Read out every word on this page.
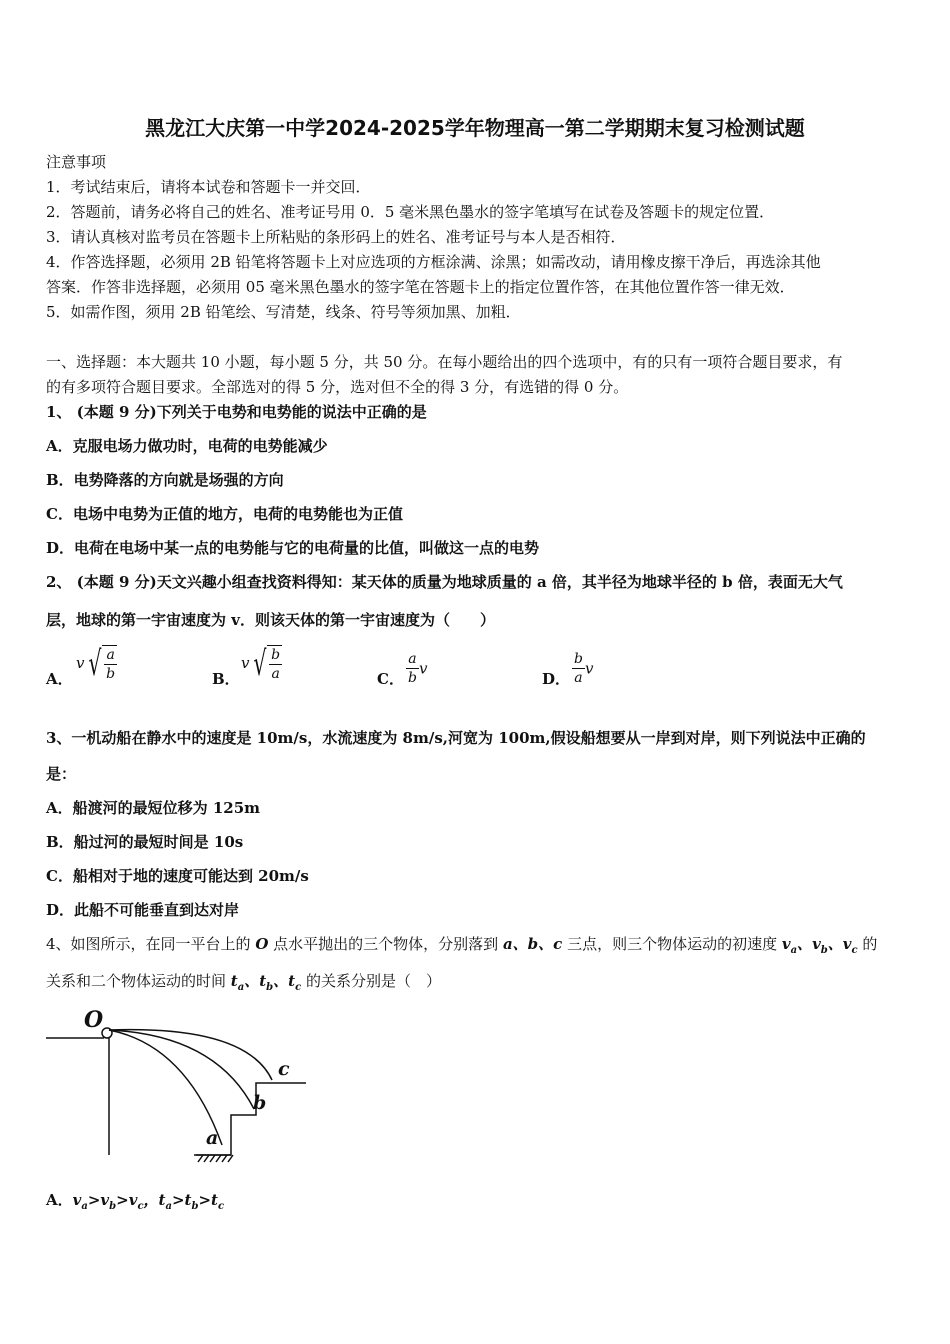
黑龙江大庆第一中学2024-2025学年物理高一第二学期期末复习检测试题
注意事项
1．考试结束后，请将本试卷和答题卡一并交回．
2．答题前，请务必将自己的姓名、准考证号用 0．5 毫米黑色墨水的签字笔填写在试卷及答题卡的规定位置．
3．请认真核对监考员在答题卡上所粘贴的条形码上的姓名、准考证号与本人是否相符．
4．作答选择题，必须用 2B 铅笔将答题卡上对应选项的方框涂满、涂黑；如需改动，请用橡皮擦干净后，再选涂其他
答案．作答非选择题，必须用 05 毫米黑色墨水的签字笔在答题卡上的指定位置作答，在其他位置作答一律无效．
5．如需作图，须用 2B 铅笔绘、写清楚，线条、符号等须加黑、加粗．
一、选择题：本大题共 10 小题，每小题 5 分，共 50 分。在每小题给出的四个选项中，有的只有一项符合题目要求，有
的有多项符合题目要求。全部选对的得 5 分，选对但不全的得 3 分，有选错的得 0 分。
1、 (本题 9 分)下列关于电势和电势能的说法中正确的是
A．克服电场力做功时，电荷的电势能减少
B．电势降落的方向就是场强的方向
C．电场中电势为正值的地方，电荷的电势能也为正值
D．电荷在电场中某一点的电势能与它的电荷量的比值，叫做这一点的电势
2、 (本题 9 分)天文兴趣小组查找资料得知：某天体的质量为地球质量的 a 倍，其半径为地球半径的 b 倍，表面无大气
层，地球的第一宇宙速度为 v．则该天体的第一宇宙速度为（　　）
A．
v √ $\frac{a}{b}$	B．
v √ $\frac{b}{a}$	C． $\frac{a}{b}$ v
D． $\frac{b}{a}$ v
3、一机动船在静水中的速度是 10m/s，水流速度为 8m/s,河宽为 100m,假设船想要从一岸到对岸，则下列说法中正确的
是：
A．船渡河的最短位移为 125m
B．船过河的最短时间是 10s
C．船相对于地的速度可能达到 20m/s
D．此船不可能垂直到达对岸
4、如图所示，在同一平台上的 O 点水平抛出的三个物体，分别落到 a、b、c 三点，则三个物体运动的初速度 $v_a$、$v_b$、$v_c$ 的
关系和二个物体运动的时间 $t_a$、$t_b$、$t_c$ 的关系分别是（　）
O
a
b
c
A．$v_a>v_b>v_c$，$t_a>t_b>t_c$
